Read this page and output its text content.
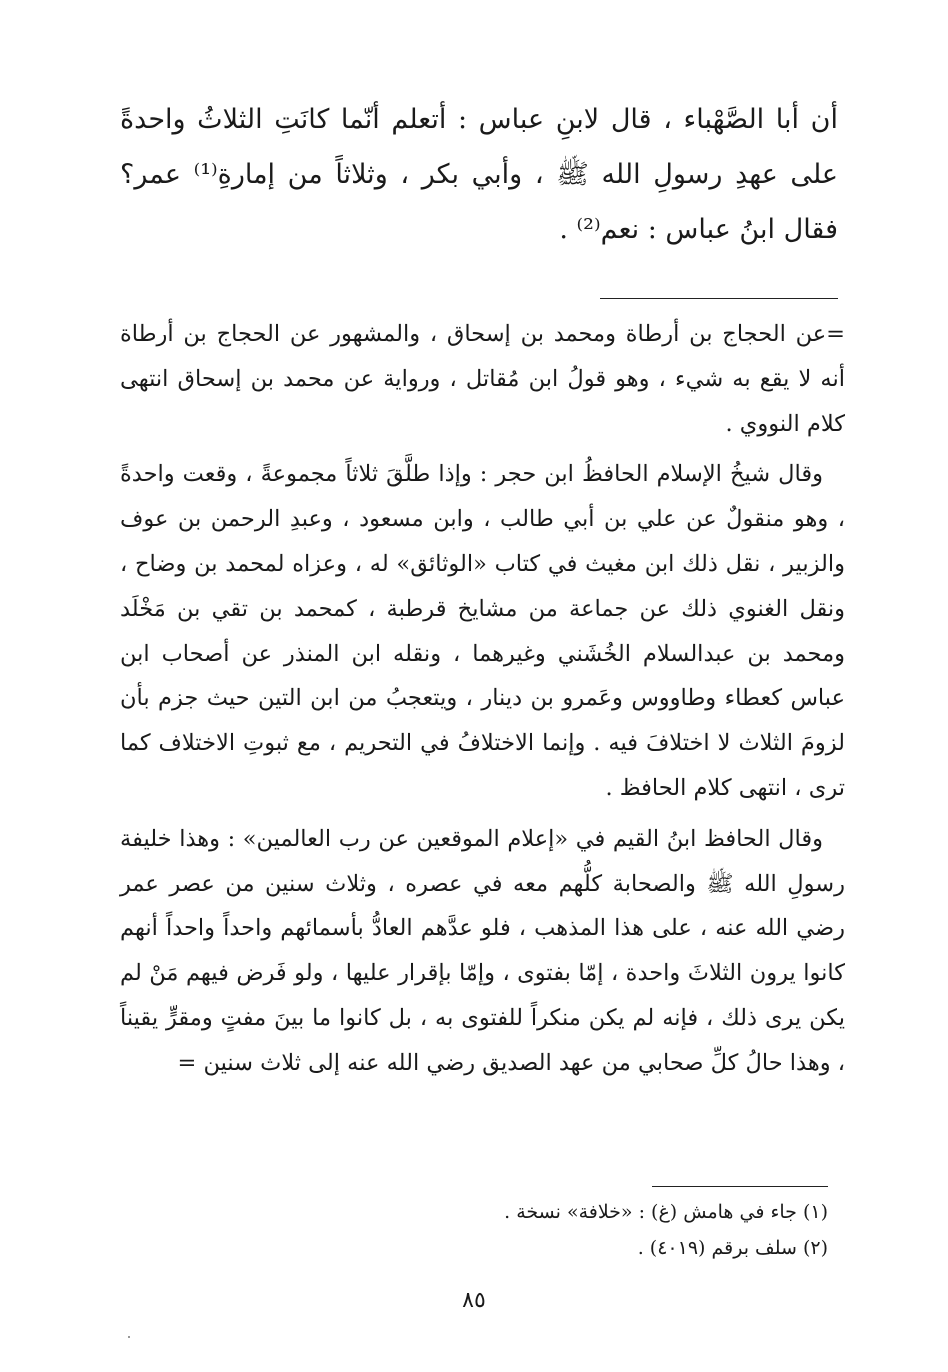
أن أبا الصَّهْباء ، قال لابنِ عباس : أتعلم أنّما كانَتِ الثلاثُ واحدةً على عهدِ رسولِ الله ﷺ ، وأبي بكر ، وثلاثاً من إمارةِ⁽¹⁾ عمر؟ فقال ابنُ عباس : نعم⁽²⁾ .

=عن الحجاج بن أرطاة ومحمد بن إسحاق ، والمشهور عن الحجاج بن أرطاة أنه لا يقع به شيء ، وهو قولُ ابن مُقاتل ، ورواية عن محمد بن إسحاق انتهى كلام النووي .

وقال شيخُ الإسلام الحافظُ ابن حجر : وإذا طلَّقَ ثلاثاً مجموعةً ، وقعت واحدةً ، وهو منقولٌ عن علي بن أبي طالب ، وابن مسعود ، وعبدِ الرحمن بن عوف والزبير ، نقل ذلك ابن مغيث في كتاب «الوثائق» له ، وعزاه لمحمد بن وضاح ، ونقل الغنوي ذلك عن جماعة من مشايخ قرطبة ، كمحمد بن تقي بن مَخْلَد ومحمد بن عبدالسلام الخُشَني وغيرهما ، ونقله ابن المنذر عن أصحاب ابن عباس كعطاء وطاووس وعَمرو بن دينار ، ويتعجبُ من ابن التين حيث جزم بأن لزومَ الثلاث لا اختلافَ فيه . وإنما الاختلافُ في التحريم ، مع ثبوتِ الاختلاف كما ترى ، انتهى كلام الحافظ .

وقال الحافظ ابنُ القيم في «إعلام الموقعين عن رب العالمين» : وهذا خليفة رسولِ الله ﷺ والصحابة كلُّهم معه في عصره ، وثلاث سنين من عصر عمر رضي الله عنه ، على هذا المذهب ، فلو عدَّهم العادُّ بأسمائهم واحداً واحداً أنهم كانوا يرون الثلاثَ واحدة ، إمّا بفتوى ، وإمّا بإقرار عليها ، ولو فَرض فيهم مَنْ لم يكن يرى ذلك ، فإنه لم يكن منكراً للفتوى به ، بل كانوا ما بينَ مفتٍ ومقرٍّ يقيناً ، وهذا حالُ كلِّ صحابي من عهد الصديق رضي الله عنه إلى ثلاث سنين =

(١) جاء في هامش (غ) : «خلافة» نسخة .
(٢) سلف برقم (٤٠١٩) .
٨٥
